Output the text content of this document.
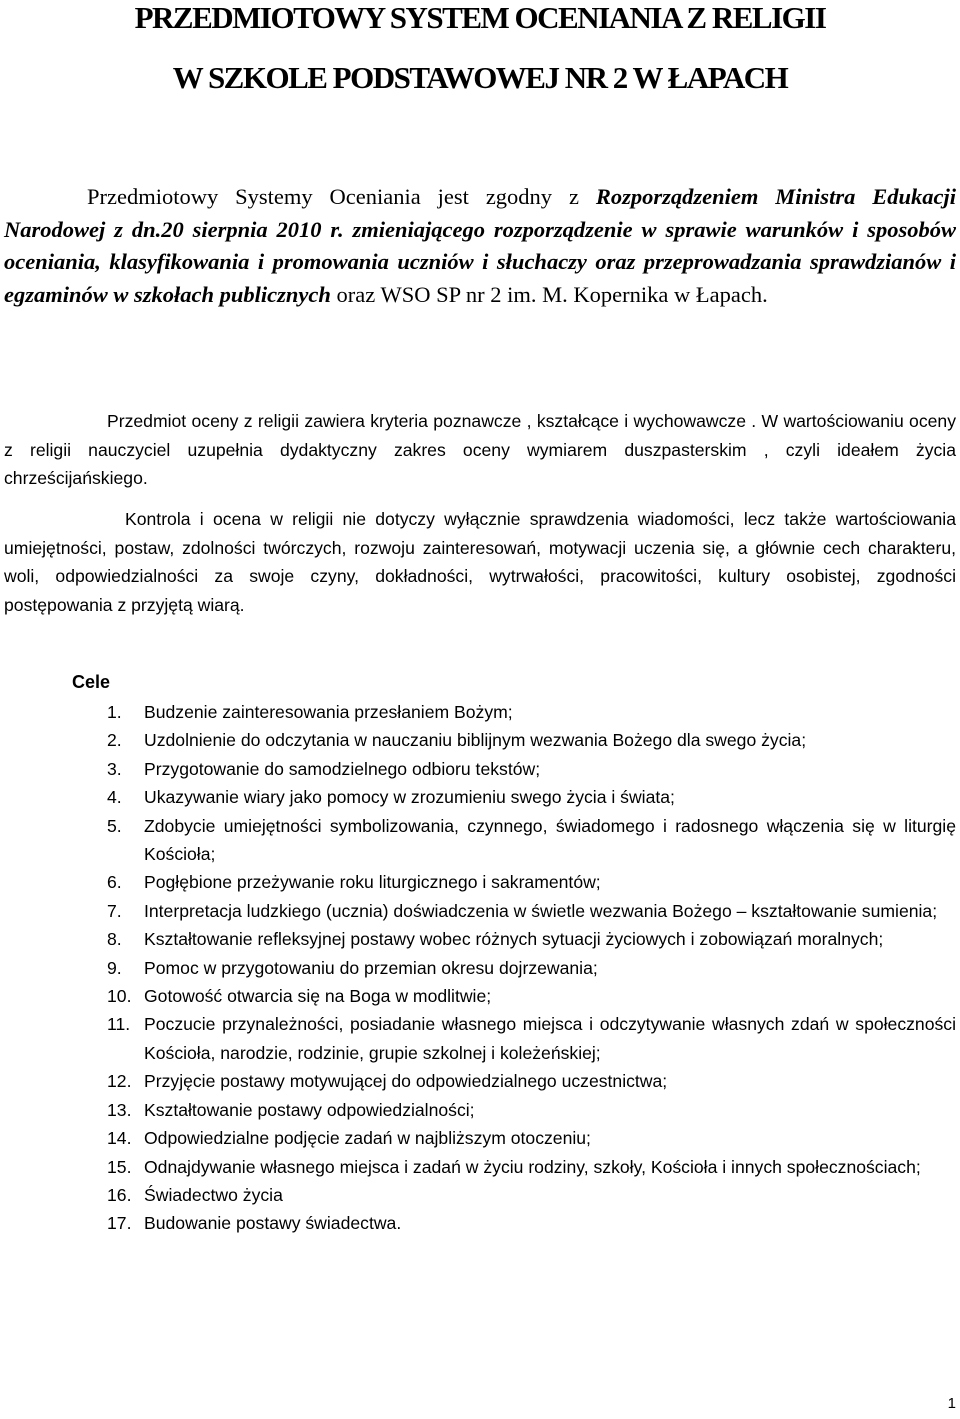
PRZEDMIOTOWY SYSTEM OCENIANIA Z RELIGII
W SZKOLE PODSTAWOWEJ NR 2 W ŁAPACH

Przedmiotowy Systemy Oceniania jest zgodny z Rozporządzeniem Ministra Edukacji Narodowej z dn.20 sierpnia 2010 r. zmieniającego rozporządzenie w sprawie warunków i sposobów oceniania, klasyfikowania i promowania uczniów i słuchaczy oraz przeprowadzania sprawdzianów i egzaminów w szkołach publicznych oraz WSO SP nr 2 im. M. Kopernika w Łapach.

Przedmiot oceny z religii zawiera kryteria poznawcze , kształcące i wychowawcze . W wartościowaniu oceny z religii nauczyciel uzupełnia dydaktyczny zakres oceny wymiarem duszpasterskim , czyli ideałem życia chrześcijańskiego.

Kontrola i ocena w religii nie dotyczy wyłącznie sprawdzenia wiadomości, lecz także wartościowania umiejętności, postaw, zdolności twórczych, rozwoju zainteresowań, motywacji uczenia się, a głównie cech charakteru, woli, odpowiedzialności za swoje czyny, dokładności, wytrwałości, pracowitości, kultury osobistej, zgodności postępowania z przyjętą wiarą.

Cele
1. Budzenie zainteresowania przesłaniem Bożym;
2. Uzdolnienie do odczytania w nauczaniu biblijnym wezwania Bożego dla swego życia;
3. Przygotowanie do samodzielnego odbioru tekstów;
4. Ukazywanie wiary jako pomocy w zrozumieniu swego życia i świata;
5. Zdobycie umiejętności symbolizowania, czynnego, świadomego i radosnego włączenia się w liturgię Kościoła;
6. Pogłębione przeżywanie roku liturgicznego i sakramentów;
7. Interpretacja ludzkiego (ucznia) doświadczenia w świetle wezwania Bożego – kształtowanie sumienia;
8. Kształtowanie refleksyjnej postawy wobec różnych sytuacji życiowych i zobowiązań moralnych;
9. Pomoc w przygotowaniu do przemian okresu dojrzewania;
10. Gotowość otwarcia się na Boga w modlitwie;
11. Poczucie przynależności, posiadanie własnego miejsca i odczytywanie własnych zdań w społeczności Kościoła, narodzie, rodzinie, grupie szkolnej i koleżeńskiej;
12. Przyjęcie postawy motywującej do odpowiedzialnego uczestnictwa;
13. Kształtowanie postawy odpowiedzialności;
14. Odpowiedzialne podjęcie zadań w najbliższym otoczeniu;
15. Odnajdywanie własnego miejsca i zadań w życiu rodziny, szkoły, Kościoła i innych społecznościach;
16. Świadectwo życia
17. Budowanie postawy świadectwa.

1
